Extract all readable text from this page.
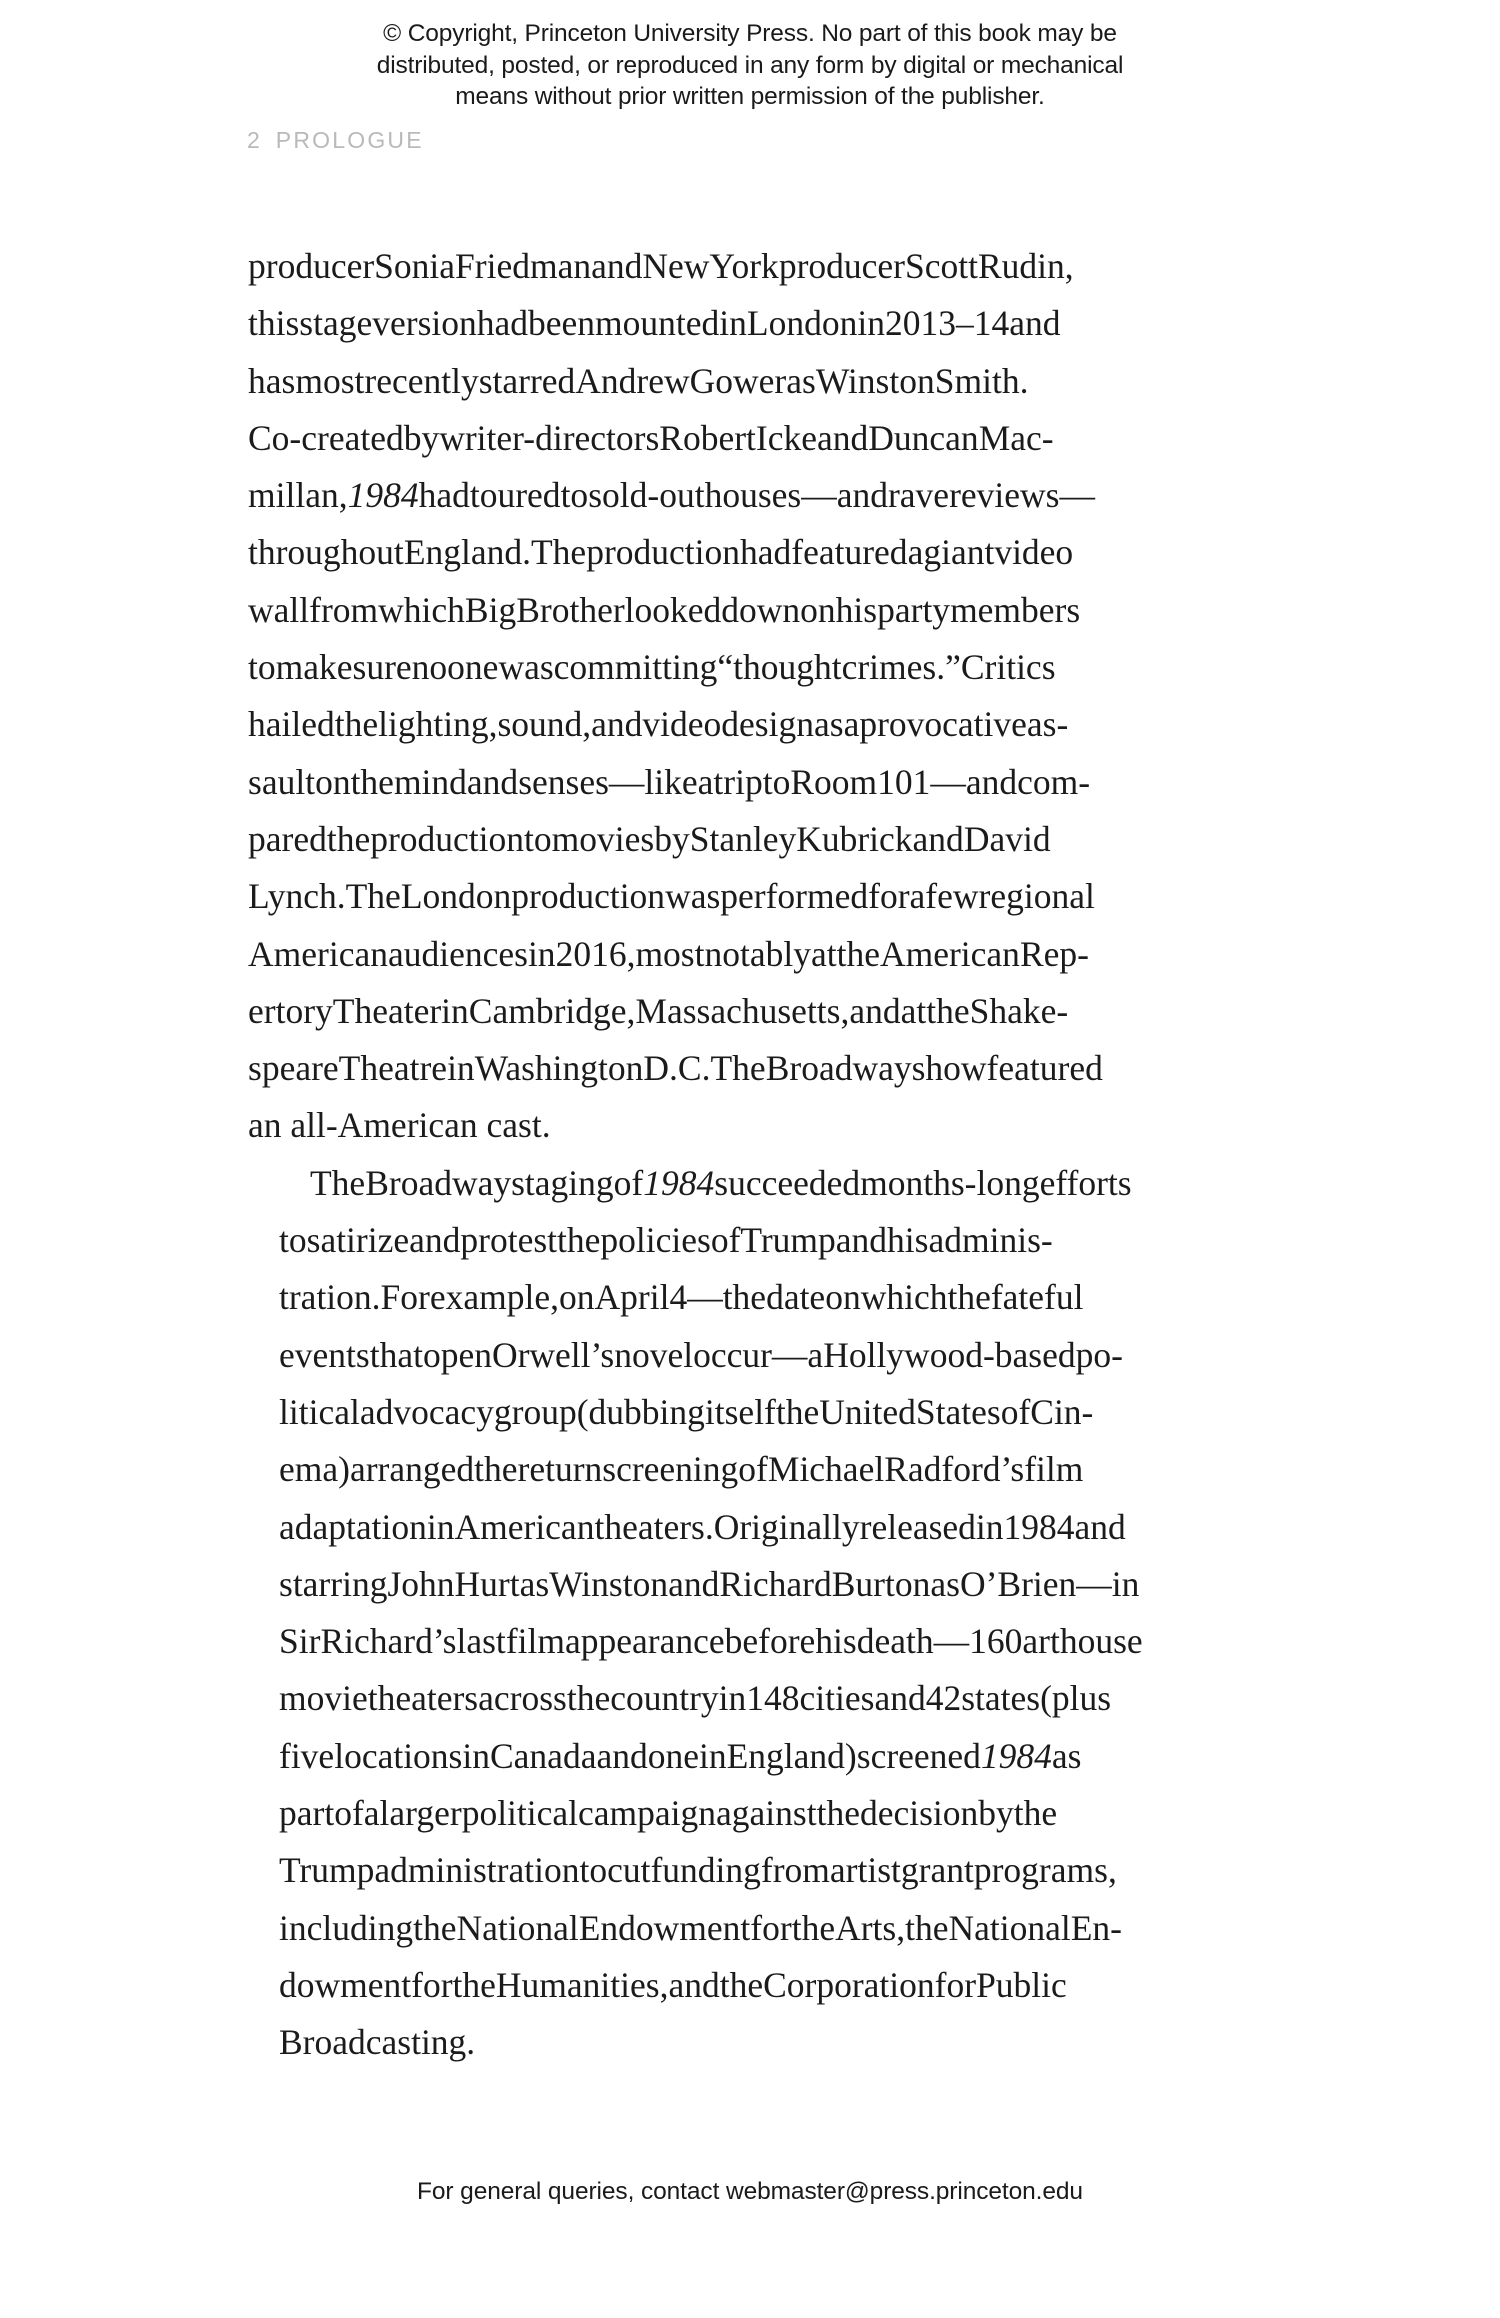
© Copyright, Princeton University Press. No part of this book may be
distributed, posted, or reproduced in any form by digital or mechanical
means without prior written permission of the publisher.
2 PROLOGUE

producerSoniaFriedmanandNewYorkproducerScottRudin,
thisstageversionhadbeenmountedinLondonin2013–14and
hasmostrecentlystarredAndrewGowerasWinstonSmith.
Co-createdbywriter-directorsRobertIckeandDuncanMac-
millan,1984hadtouredtosold-outhouses—andravereviews—
throughoutEngland.Theproductionhadfeaturedagiantvideo
wallfromwhichBigBrotherlookeddownonhispartymembers
tomakesurenoonewascommitting“thoughtcrimes.”Critics
hailedthelighting,sound,andvideodesignasaprovocativeas-
saultonthemindandsenses—likeatriptoRoom101—andcom-
paredtheproductiontomoviesbyStanleyKubrickandDavid
Lynch.TheLondonproductionwasperformedforafewregional
Americanaudiencesin2016,mostnotablyattheAmericanRep-
ertoryTheaterinCambridge,Massachusetts,andattheShake-
speareTheatreinWashingtonD.C.TheBroadwayshowfeatured
an all-American cast.

TheBroadwaystagingof1984succeededmonths-longefforts
tosatirizeandprotestthepoliciesofTrumpandhisadminis-
tration.Forexample,onApril4—thedateonwhichthefateful
eventsthatopenOrwell’snoveloccur—aHollywood-basedpo-
liticaladvocacygroup(dubbingitselftheUnitedStatesofCin-
ema)arrangedthereturnscreeningofMichaelRadford’sfilm
adaptationinAmericantheaters.Originallyreleasedin1984and
starringJohnHurtasWinstonandRichardBurtonasO’Brien—in
SirRichard’slastfilmappearancebeforehisdeath—160arthouse
movietheatersacrossthecountryin148citiesand42states(plus
fivelocationsinCanadaandoneinEngland)screened1984as
partofalargerpoliticalcampaignagainstthedecisionbythe
Trumpadministrationtocutfundingfromartistgrantprograms,
includingtheNationalEndowmentfortheArts,theNationalEn-
dowmentfortheHumanities,andtheCorporationforPublic
Broadcasting.

For general queries, contact webmaster@press.princeton.edu
